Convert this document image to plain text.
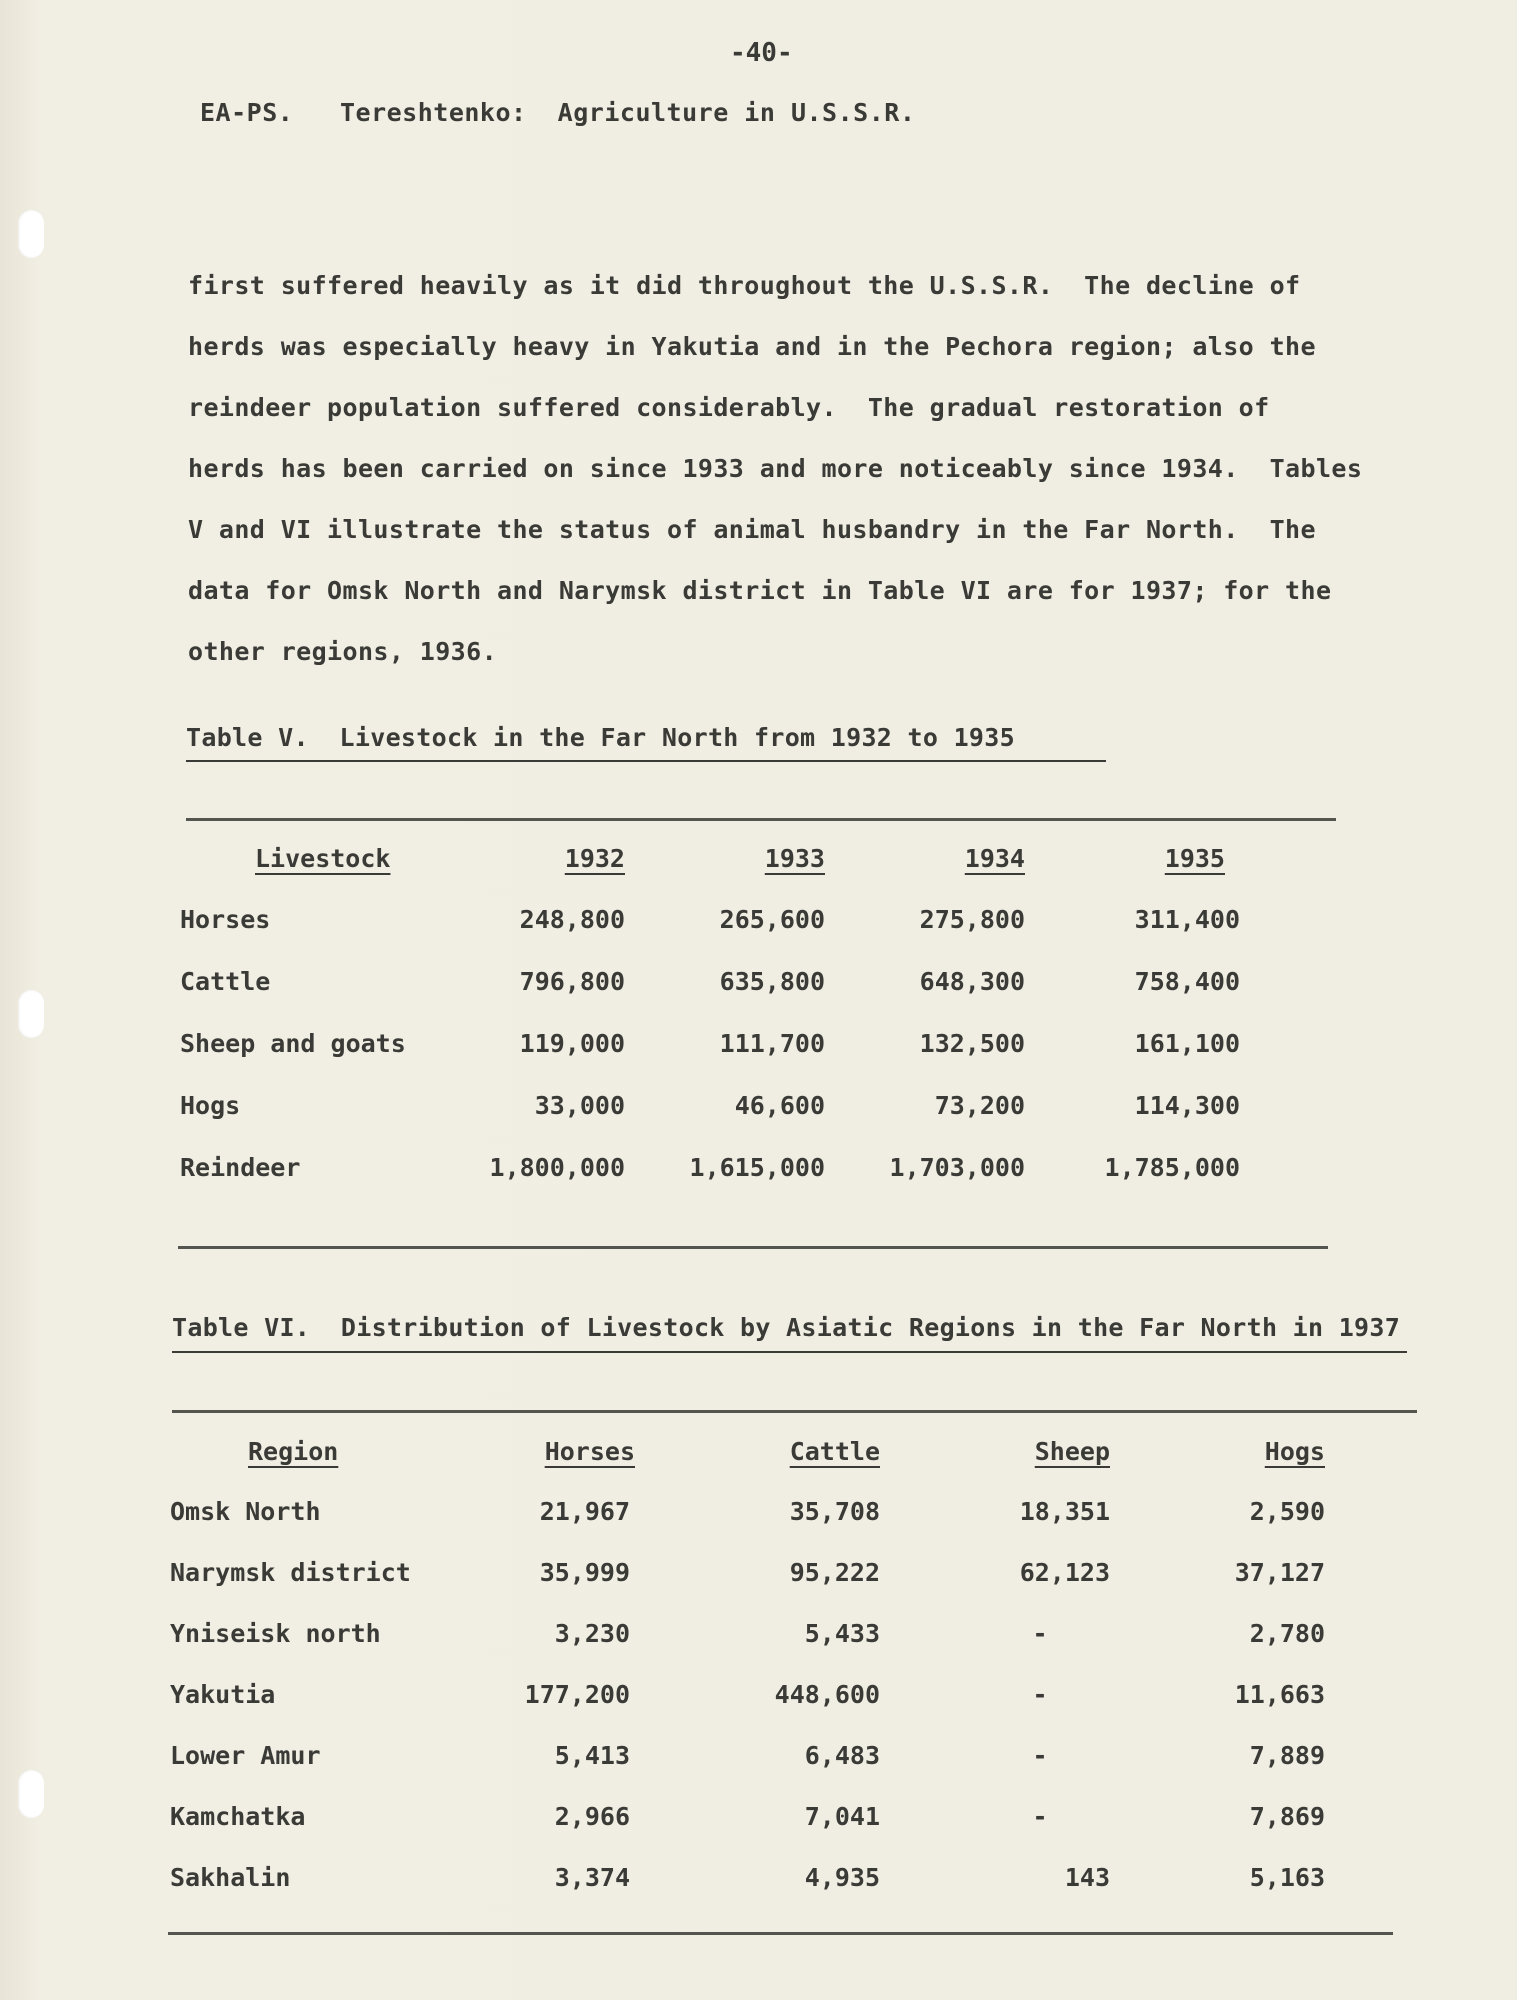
-40-
EA-PS. Tereshtenko:  Agriculture in U.S.S.R.
first suffered heavily as it did throughout the U.S.S.R.  The decline of
herds was especially heavy in Yakutia and in the Pechora region; also the
reindeer population suffered considerably.  The gradual restoration of
herds has been carried on since 1933 and more noticeably since 1934.  Tables
V and VI illustrate the status of animal husbandry in the Far North.  The
data for Omsk North and Narymsk district in Table VI are for 1937; for the
other regions, 1936.
Table V.  Livestock in the Far North from 1932 to 1935
Livestock	1932	1933	1934	1935
Horses	248,800	265,600	275,800	311,400
Cattle	796,800	635,800	648,300	758,400
Sheep and goats	119,000	111,700	132,500	161,100
Hogs	33,000	46,600	73,200	114,300
Reindeer	1,800,000	1,615,000	1,703,000	1,785,000
Table VI.  Distribution of Livestock by Asiatic Regions in the Far North in 1937
Region	Horses	Cattle	Sheep	Hogs
Omsk North	21,967	35,708	18,351	2,590
Narymsk district	35,999	95,222	62,123	37,127
Yniseisk north	3,230	5,433	-	2,780
Yakutia	177,200	448,600	-	11,663
Lower Amur	5,413	6,483	-	7,889
Kamchatka	2,966	7,041	-	7,869
Sakhalin	3,374	4,935	143	5,163
